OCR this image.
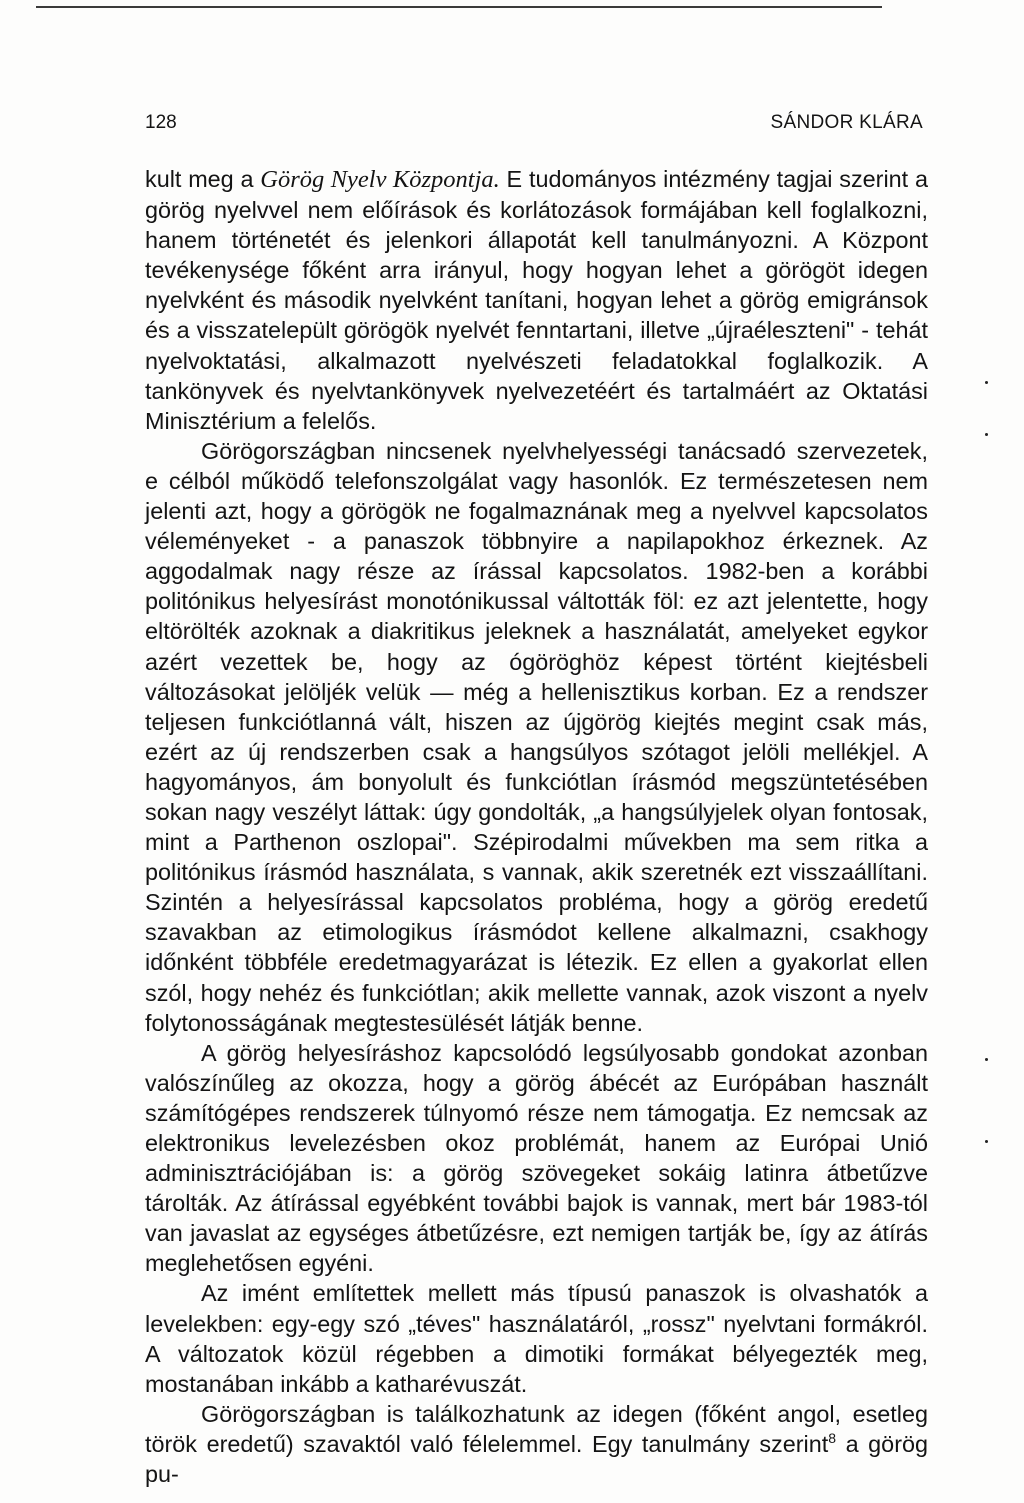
128	SÁNDOR KLÁRA

kult meg a Görög Nyelv Központja. E tudományos intézmény tagjai szerint a görög nyelvvel nem előírások és korlátozások formájában kell foglalkozni, hanem történetét és jelenkori állapotát kell tanulmányozni. A Központ tevékenysége főként arra irányul, hogy hogyan lehet a görögöt idegen nyelvként és második nyelvként tanítani, hogyan lehet a görög emigránsok és a visszatelepült görögök nyelvét fenntartani, illetve „újraéleszteni" - tehát nyelvoktatási, alkalmazott nyelvészeti feladatokkal foglalkozik. A tankönyvek és nyelvtankönyvek nyelvezetéért és tartalmáért az Oktatási Minisztérium a felelős.

Görögországban nincsenek nyelvhelyességi tanácsadó szervezetek, e célból működő telefonszolgálat vagy hasonlók. Ez természetesen nem jelenti azt, hogy a görögök ne fogalmaznának meg a nyelvvel kapcsolatos véleményeket - a panaszok többnyire a napilapokhoz érkeznek. Az aggodalmak nagy része az írással kapcsolatos. 1982-ben a korábbi politónikus helyesírást monotónikussal váltották föl: ez azt jelentette, hogy eltörölték azoknak a diakritikus jeleknek a használatát, amelyeket egykor azért vezettek be, hogy az ógöröghöz képest történt kiejtésbeli változásokat jelöljék velük — még a hellenisztikus korban. Ez a rendszer teljesen funkciótlanná vált, hiszen az újgörög kiejtés megint csak más, ezért az új rendszerben csak a hangsúlyos szótagot jelöli mellékjel. A hagyományos, ám bonyolult és funkciótlan írásmód megszüntetésében sokan nagy veszélyt láttak: úgy gondolták, „a hangsúlyjelek olyan fontosak, mint a Parthenon oszlopai". Szépirodalmi művekben ma sem ritka a politónikus írásmód használata, s vannak, akik szeretnék ezt visszaállítani. Szintén a helyesírással kapcsolatos probléma, hogy a görög eredetű szavakban az etimologikus írásmódot kellene alkalmazni, csakhogy időnként többféle eredetmagyarázat is létezik. Ez ellen a gyakorlat ellen szól, hogy nehéz és funkciótlan; akik mellette vannak, azok viszont a nyelv folytonosságának megtestesülését látják benne.

A görög helyesíráshoz kapcsolódó legsúlyosabb gondokat azonban valószínűleg az okozza, hogy a görög ábécét az Európában használt számítógépes rendszerek túlnyomó része nem támogatja. Ez nemcsak az elektronikus levelezésben okoz problémát, hanem az Európai Unió adminisztrációjában is: a görög szövegeket sokáig latinra átbetűzve tárolták. Az átírással egyébként további bajok is vannak, mert bár 1983-tól van javaslat az egységes átbetűzésre, ezt nemigen tartják be, így az átírás meglehetősen egyéni.

Az imént említettek mellett más típusú panaszok is olvashatók a levelekben: egy-egy szó „téves" használatáról, „rossz" nyelvtani formákról. A változatok közül régebben a dimotiki formákat bélyegezték meg, mostanában inkább a katharévuszát.

Görögországban is találkozhatunk az idegen (főként angol, esetleg török eredetű) szavaktól való félelemmel. Egy tanulmány szerint$^8$ a görög pu-
